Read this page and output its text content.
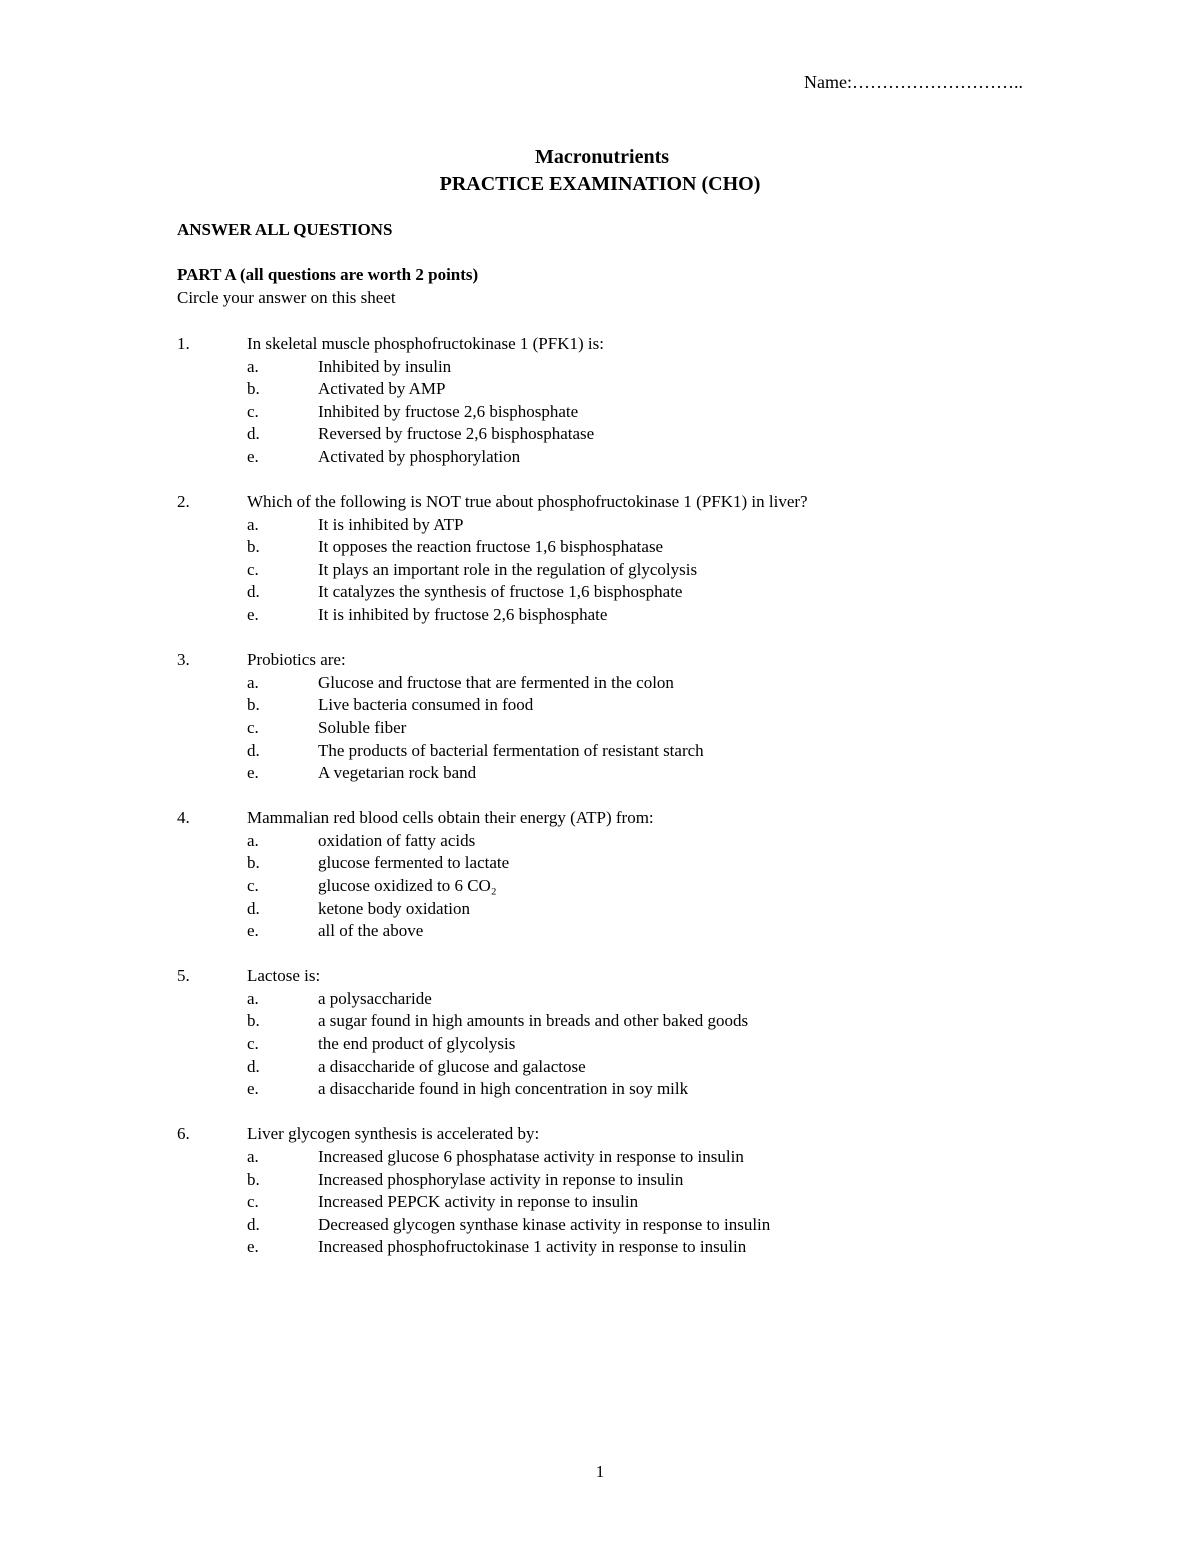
Name:………………………..
Macronutrients
PRACTICE EXAMINATION (CHO)
ANSWER ALL QUESTIONS
PART A (all questions are worth 2 points)
Circle your answer on this sheet
1.	In skeletal muscle phosphofructokinase 1 (PFK1) is:
a.	Inhibited by insulin
b.	Activated by AMP
c.	Inhibited by fructose 2,6 bisphosphate
d.	Reversed by fructose 2,6 bisphosphatase
e.	Activated by phosphorylation
2.	Which of the following is NOT true about phosphofructokinase 1 (PFK1) in liver?
a.	It is inhibited by ATP
b.	It opposes the reaction fructose 1,6 bisphosphatase
c.	It plays an important role in the regulation of glycolysis
d.	It catalyzes the synthesis of fructose 1,6 bisphosphate
e.	It is inhibited by fructose 2,6 bisphosphate
3.	Probiotics are:
a.	Glucose and fructose that are fermented in the colon
b.	Live bacteria consumed in food
c.	Soluble fiber
d.	The products of bacterial fermentation of resistant starch
e.	A vegetarian rock band
4.	Mammalian red blood cells obtain their energy (ATP) from:
a.	oxidation of fatty acids
b.	glucose fermented to lactate
c.	glucose oxidized to 6 CO₂
d.	ketone body oxidation
e.	all of the above
5.	Lactose is:
a.	a polysaccharide
b.	a sugar found in high amounts in breads and other baked goods
c.	the end product of glycolysis
d.	a disaccharide of glucose and galactose
e.	a disaccharide found in high concentration in soy milk
6.	Liver glycogen synthesis is accelerated by:
a.	Increased glucose 6 phosphatase activity in response to insulin
b.	Increased phosphorylase activity in reponse to insulin
c.	Increased PEPCK activity in reponse to insulin
d.	Decreased glycogen synthase kinase activity in response to insulin
e.	Increased phosphofructokinase 1 activity in response to insulin
1
